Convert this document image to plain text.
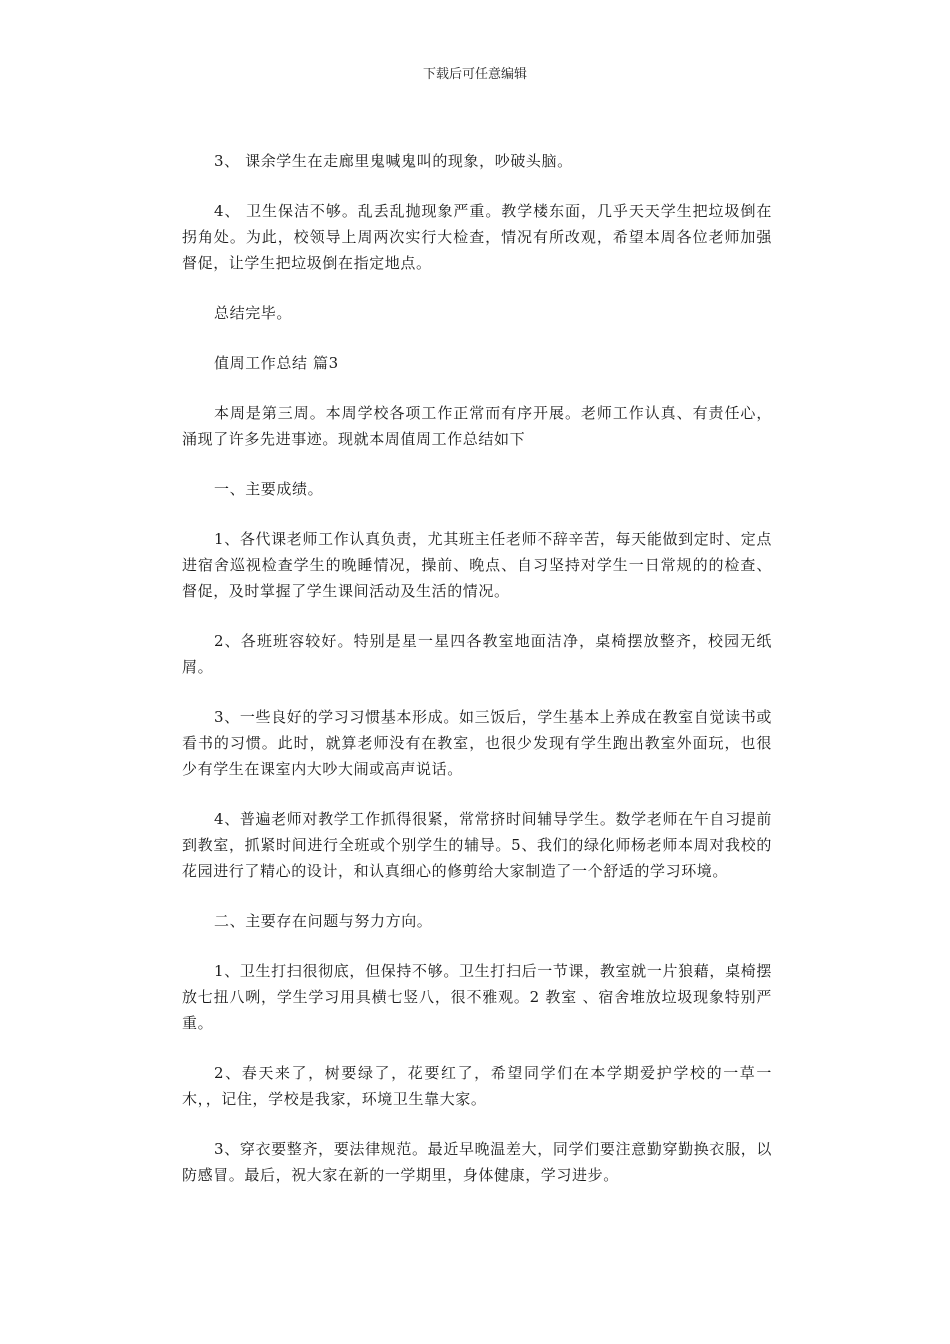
下载后可任意编辑

3、 课余学生在走廊里鬼喊鬼叫的现象，吵破头脑。

4、 卫生保洁不够。乱丢乱抛现象严重。教学楼东面，几乎天天学生把垃圾倒在拐角处。为此，校领导上周两次实行大检查，情况有所改观，希望本周各位老师加强督促，让学生把垃圾倒在指定地点。

总结完毕。

值周工作总结 篇3

本周是第三周。本周学校各项工作正常而有序开展。老师工作认真、有责任心，涌现了许多先进事迹。现就本周值周工作总结如下

一、主要成绩。

1、各代课老师工作认真负责，尤其班主任老师不辞辛苦，每天能做到定时、定点进宿舍巡视检查学生的晚睡情况，操前、晚点、自习坚持对学生一日常规的的检查、督促，及时掌握了学生课间活动及生活的情况。

2、各班班容较好。特别是星一星四各教室地面洁净，桌椅摆放整齐，校园无纸屑。

3、一些良好的学习习惯基本形成。如三饭后，学生基本上养成在教室自觉读书或看书的习惯。此时，就算老师没有在教室，也很少发现有学生跑出教室外面玩，也很少有学生在课室内大吵大闹或高声说话。

4、普遍老师对教学工作抓得很紧，常常挤时间辅导学生。数学老师在午自习提前到教室，抓紧时间进行全班或个别学生的辅导。5、我们的绿化师杨老师本周对我校的花园进行了精心的设计，和认真细心的修剪给大家制造了一个舒适的学习环境。

二、主要存在问题与努力方向。

1、卫生打扫很彻底，但保持不够。卫生打扫后一节课，教室就一片狼藉，桌椅摆放七扭八咧，学生学习用具横七竖八，很不雅观。2 教室 、宿舍堆放垃圾现象特别严重。

2、春天来了，树要绿了，花要红了，希望同学们在本学期爱护学校的一草一木，，记住，学校是我家，环境卫生靠大家。

3、穿衣要整齐，要法律规范。最近早晚温差大，同学们要注意勤穿勤换衣服，以防感冒。最后，祝大家在新的一学期里，身体健康，学习进步。
